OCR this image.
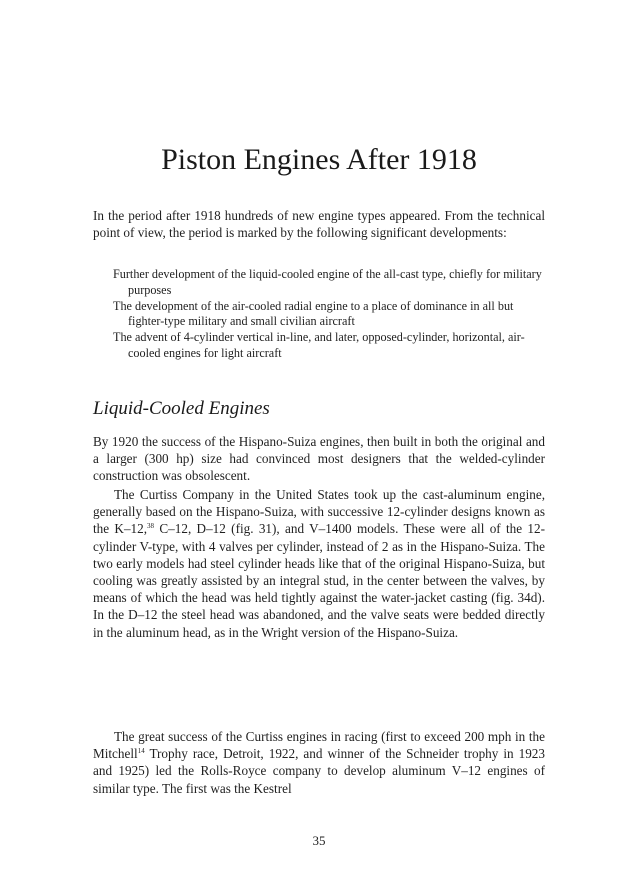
Piston Engines After 1918

In the period after 1918 hundreds of new engine types appeared. From the technical point of view, the period is marked by the following significant developments:

Further development of the liquid-cooled engine of the all-cast type, chiefly for military purposes

The development of the air-cooled radial engine to a place of dominance in all but fighter-type military and small civilian aircraft

The advent of 4-cylinder vertical in-line, and later, opposed-cylinder, horizontal, air-cooled engines for light aircraft

Liquid-Cooled Engines

By 1920 the success of the Hispano-Suiza engines, then built in both the original and a larger (300 hp) size had convinced most designers that the welded-cylinder construction was obsolescent.

The Curtiss Company in the United States took up the cast-aluminum engine, generally based on the Hispano-Suiza, with successive 12-cylinder designs known as the K–12,38 C–12, D–12 (fig. 31), and V–1400 models. These were all of the 12-cylinder V-type, with 4 valves per cylinder, instead of 2 as in the Hispano-Suiza. The two early models had steel cylinder heads like that of the original Hispano-Suiza, but cooling was greatly assisted by an integral stud, in the center between the valves, by means of which the head was held tightly against the water-jacket casting (fig. 34d). In the D–12 the steel head was abandoned, and the valve seats were bedded directly in the aluminum head, as in the Wright version of the Hispano-Suiza.

The great success of the Curtiss engines in racing (first to exceed 200 mph in the Mitchell$^{14}$ Trophy race, Detroit, 1922, and winner of the Schneider trophy in 1923 and 1925) led the Rolls-Royce company to develop aluminum V–12 engines of similar type. The first was the Kestrel

35
